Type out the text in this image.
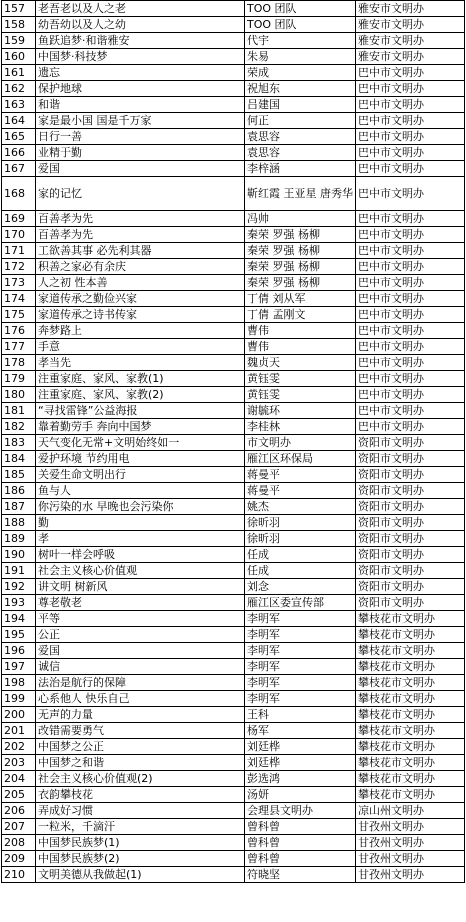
157	老吾老以及人之老	TOO 团队	雅安市文明办
158	幼吾幼以及人之幼	TOO 团队	雅安市文明办
159	鱼跃追梦·和谐雅安	代宇	雅安市文明办
160	中国梦·科技梦	朱易	雅安市文明办
161	遗忘	荣成	巴中市文明办
162	保护地球	祝旭东	巴中市文明办
163	和谐	吕建国	巴中市文明办
164	家是最小国 国是千万家	何正	巴中市文明办
165	日行一善	袁思容	巴中市文明办
166	业精于勤	袁思容	巴中市文明办
167	爱国	李梓涵	巴中市文明办
168	家的记忆	靳红霞 王亚星 唐秀华	巴中市文明办
169	百善孝为先	冯帅	巴中市文明办
170	百善孝为先	秦荣 罗强 杨柳	巴中市文明办
171	工欲善其事 必先利其器	秦荣 罗强 杨柳	巴中市文明办
172	积善之家必有余庆	秦荣 罗强 杨柳	巴中市文明办
173	人之初 性本善	秦荣 罗强 杨柳	巴中市文明办
174	家道传承之勤俭兴家	丁倩 刘从军	巴中市文明办
175	家道传承之诗书传家	丁倩 孟刚文	巴中市文明办
176	奔梦路上	曹伟	巴中市文明办
177	手意	曹伟	巴中市文明办
178	孝当先	魏贞天	巴中市文明办
179	注重家庭、家风、家教(1)	黄钰雯	巴中市文明办
180	注重家庭、家风、家教(2)	黄钰雯	巴中市文明办
181	“寻找雷锋”公益海报	谢毓环	巴中市文明办
182	靠着勤劳手 奔向中国梦	李桂林	巴中市文明办
183	天气变化无常+文明始终如一	市文明办	资阳市文明办
184	爱护环境 节约用电	雁江区环保局	资阳市文明办
185	关爱生命文明出行	蒋曼平	资阳市文明办
186	鱼与人	蒋曼平	资阳市文明办
187	你污染的水 早晚也会污染你	姚杰	资阳市文明办
188	勤	徐昕羽	资阳市文明办
189	孝	徐昕羽	资阳市文明办
190	树叶一样会呼吸	任成	资阳市文明办
191	社会主义核心价值观	任成	资阳市文明办
192	讲文明 树新风	刘念	资阳市文明办
193	尊老敬老	雁江区委宣传部	资阳市文明办
194	平等	李明军	攀枝花市文明办
195	公正	李明军	攀枝花市文明办
196	爱国	李明军	攀枝花市文明办
197	诚信	李明军	攀枝花市文明办
198	法治是航行的保障	李明军	攀枝花市文明办
199	心系他人 快乐自己	李明军	攀枝花市文明办
200	无声的力量	王科	攀枝花市文明办
201	改错需要勇气	杨军	攀枝花市文明办
202	中国梦之公正	刘廷桦	攀枝花市文明办
203	中国梦之和谐	刘廷桦	攀枝花市文明办
204	社会主义核心价值观(2)	彭选鸿	攀枝花市文明办
205	衣韵攀枝花	汤妍	攀枝花市文明办
206	弄成好习惯	会理县文明办	凉山州文明办
207	一粒米，千滴汗	曾科曾	甘孜州文明办
208	中国梦民族梦(1)	曾科曾	甘孜州文明办
209	中国梦民族梦(2)	曾科曾	甘孜州文明办
210	文明美德从我做起(1)	符晓坚	甘孜州文明办
